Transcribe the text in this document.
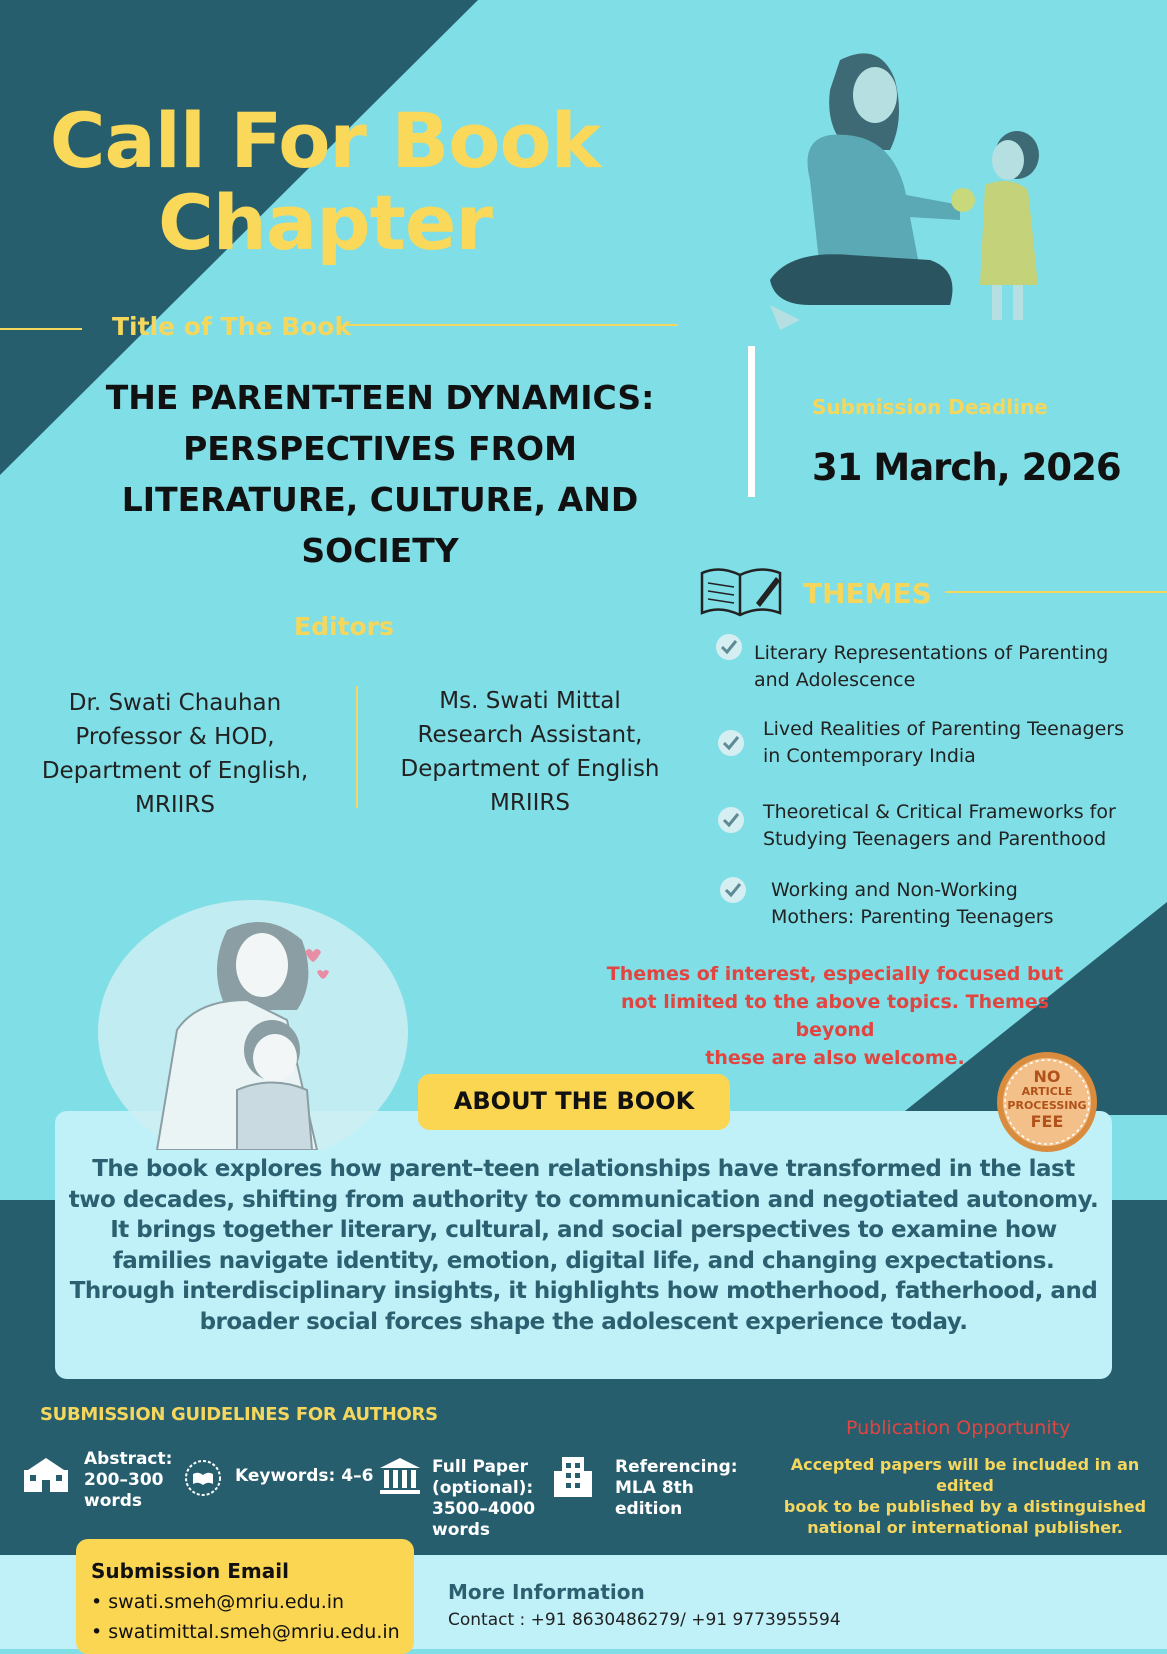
Call For Book
Chapter
Title of The Book
THE PARENT-TEEN DYNAMICS:
PERSPECTIVES FROM
LITERATURE, CULTURE, AND
SOCIETY
Submission Deadline
31 March, 2026
Editors
Dr. Swati Chauhan
Professor & HOD,
Department of English,
MRIIRS
Ms. Swati Mittal
Research Assistant,
Department of English
MRIIRS
THEMES
Literary Representations of Parenting
and Adolescence
Lived Realities of Parenting Teenagers
in Contemporary India
Theoretical & Critical Frameworks for
Studying Teenagers and Parenthood
Working and Non-Working
Mothers: Parenting Teenagers
Themes of interest, especially focused but
not limited to the above topics. Themes beyond
these are also welcome.
ABOUT THE BOOK
NO
ARTICLE
PROCESSING
FEE
The book explores how parent–teen relationships have transformed in the last
two decades, shifting from authority to communication and negotiated autonomy.
It brings together literary, cultural, and social perspectives to examine how
families navigate identity, emotion, digital life, and changing expectations.
Through interdisciplinary insights, it highlights how motherhood, fatherhood, and
broader social forces shape the adolescent experience today.
SUBMISSION GUIDELINES FOR AUTHORS
Abstract:
200–300
words
Keywords: 4–6	Full Paper
(optional):
3500–4000
words
Referencing:
MLA 8th
edition
Publication Opportunity
Accepted papers will be included in an edited
book to be published by a distinguished
national or international publisher.
Submission Email
• swati.smeh@mriu.edu.in
• swatimittal.smeh@mriu.edu.in
More Information
Contact : +91 8630486279/ +91 9773955594
